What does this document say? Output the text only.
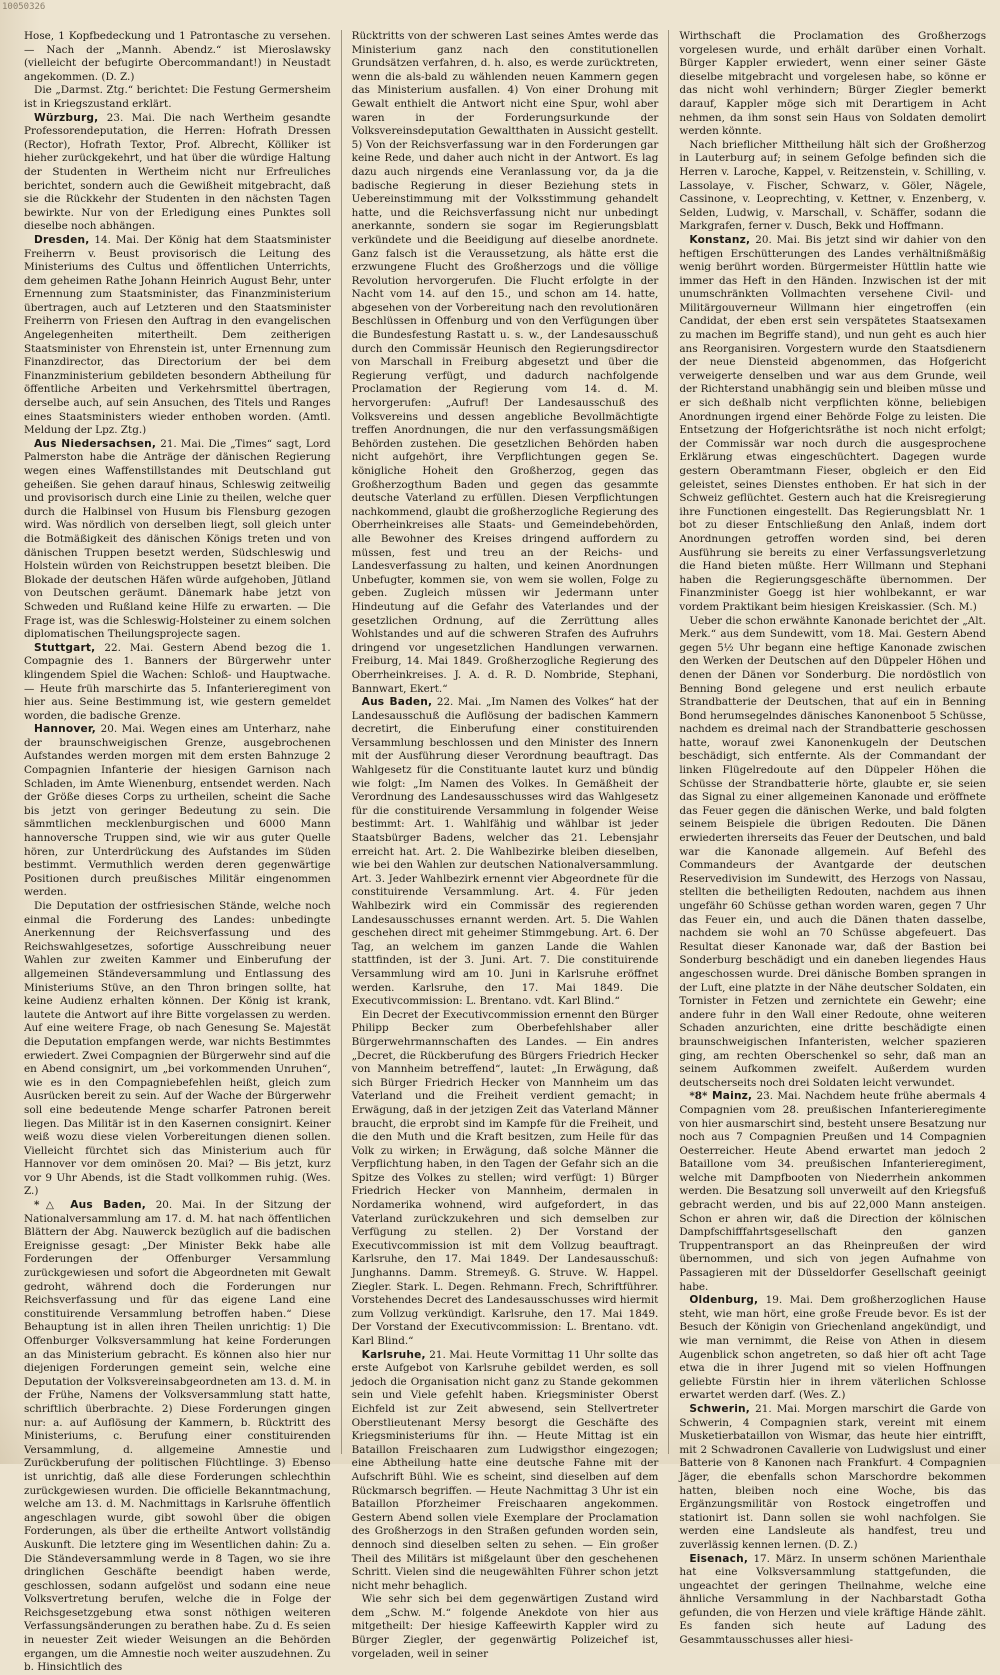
10050326

Hose, 1 Kopfbedeckung und 1 Patrontasche zu versehen. — Nach der „Mannh. Abendz.“ ist Mieroslawsky (vielleicht der befugirte Obercommandant!) in Neustadt angekommen. (D. Z.)

Die „Darmst. Ztg.“ berichtet: Die Festung Germersheim ist in Kriegszustand erklärt.

Würzburg, 23. Mai. Die nach Wertheim gesandte Professorendeputation, die Herren: Hofrath Dressen (Rector), Hofrath Textor, Prof. Albrecht, Kölliker ist hieher zurückgekehrt, und hat über die würdige Haltung der Studenten in Wertheim nicht nur Erfreuliches berichtet, sondern auch die Gewißheit mitgebracht, daß sie die Rückkehr der Studenten in den nächsten Tagen bewirkte. Nur von der Erledigung eines Punktes soll dieselbe noch abhängen.

Dresden, 14. Mai. Der König hat dem Staatsminister Freiherrn v. Beust provisorisch die Leitung des Ministeriums des Cultus und öffentlichen Unterrichts, dem geheimen Rathe Johann Heinrich August Behr, unter Ernennung zum Staatsminister, das Finanzministerium übertragen, auch auf Letzteren und den Staatsminister Freiherrn von Friesen den Auftrag in den evangelischen Angelegenheiten mitertheilt. Dem zeitherigen Staatsminister von Ehrenstein ist, unter Ernennung zum Finanzdirector, das Directorium der bei dem Finanzministerium gebildeten besondern Abtheilung für öffentliche Arbeiten und Verkehrsmittel übertragen, derselbe auch, auf sein Ansuchen, des Titels und Ranges eines Staatsministers wieder enthoben worden. (Amtl. Meldung der Lpz. Ztg.)

Aus Niedersachsen, 21. Mai. Die „Times“ sagt, Lord Palmerston habe die Anträge der dänischen Regierung wegen eines Waffenstillstandes mit Deutschland gut geheißen. Sie gehen darauf hinaus, Schleswig zeitweilig und provisorisch durch eine Linie zu theilen, welche quer durch die Halbinsel von Husum bis Flensburg gezogen wird. Was nördlich von derselben liegt, soll gleich unter die Botmäßigkeit des dänischen Königs treten und von dänischen Truppen besetzt werden, Südschleswig und Holstein würden von Reichstruppen besetzt bleiben. Die Blokade der deutschen Häfen würde aufgehoben, Jütland von Deutschen geräumt. Dänemark habe jetzt von Schweden und Rußland keine Hilfe zu erwarten. — Die Frage ist, was die Schleswig-Holsteiner zu einem solchen diplomatischen Theilungsprojecte sagen.

Stuttgart, 22. Mai. Gestern Abend bezog die 1. Compagnie des 1. Banners der Bürgerwehr unter klingendem Spiel die Wachen: Schloß- und Hauptwache. — Heute früh marschirte das 5. Infanterieregiment von hier aus. Seine Bestimmung ist, wie gestern gemeldet worden, die badische Grenze.

Hannover, 20. Mai. Wegen eines am Unterharz, nahe der braunschweigischen Grenze, ausgebrochenen Aufstandes werden morgen mit dem ersten Bahnzuge 2 Compagnien Infanterie der hiesigen Garnison nach Schladen, im Amte Wienenburg, entsendet werden. Nach der Größe dieses Corps zu urtheilen, scheint die Sache bis jetzt von geringer Bedeutung zu sein. Die sämmtlichen mecklenburgischen und 6000 Mann hannoversche Truppen sind, wie wir aus guter Quelle hören, zur Unterdrückung des Aufstandes im Süden bestimmt. Vermuthlich werden deren gegenwärtige Positionen durch preußisches Militär eingenommen werden.

Die Deputation der ostfriesischen Stände, welche noch einmal die Forderung des Landes: unbedingte Anerkennung der Reichsverfassung und des Reichswahlgesetzes, sofortige Ausschreibung neuer Wahlen zur zweiten Kammer und Einberufung der allgemeinen Ständeversammlung und Entlassung des Ministeriums Stüve, an den Thron bringen sollte, hat keine Audienz erhalten können. Der König ist krank, lautete die Antwort auf ihre Bitte vorgelassen zu werden. Auf eine weitere Frage, ob nach Genesung Se. Majestät die Deputation empfangen werde, war nichts Bestimmtes erwiedert. Zwei Compagnien der Bürgerwehr sind auf die en Abend consignirt, um „bei vorkommenden Unruhen“, wie es in den Compagniebefehlen heißt, gleich zum Ausrücken bereit zu sein. Auf der Wache der Bürgerwehr soll eine bedeutende Menge scharfer Patronen bereit liegen. Das Militär ist in den Kasernen consignirt. Keiner weiß wozu diese vielen Vorbereitungen dienen sollen. Vielleicht fürchtet sich das Ministerium auch für Hannover vor dem ominösen 20. Mai? — Bis jetzt, kurz vor 9 Uhr Abends, ist die Stadt vollkommen ruhig. (Wes. Z.)

*△ Aus Baden, 20. Mai. In der Sitzung der Nationalversammlung am 17. d. M. hat nach öffentlichen Blättern der Abg. Nauwerck bezüglich auf die badischen Ereignisse gesagt: „Der Minister Bekk habe alle Forderungen der Offenburger Versammlung zurückgewiesen und sofort die Abgeordneten mit Gewalt gedroht, während doch die Forderungen nur Reichsverfassung und für das eigene Land eine constituirende Versammlung betroffen haben.“ Diese Behauptung ist in allen ihren Theilen unrichtig: 1) Die Offenburger Volksversammlung hat keine Forderungen an das Ministerium gebracht. Es können also hier nur diejenigen Forderungen gemeint sein, welche eine Deputation der Volksvereinsabgeordneten am 13. d. M. in der Frühe, Namens der Volksversammlung statt hatte, schriftlich überbrachte. 2) Diese Forderungen gingen nur: a. auf Auflösung der Kammern, b. Rücktritt des Ministeriums, c. Berufung einer constituirenden Versammlung, d. allgemeine Amnestie und Zurückberufung der politischen Flüchtlinge. 3) Ebenso ist unrichtig, daß alle diese Forderungen schlechthin zurückgewiesen wurden. Die officielle Bekanntmachung, welche am 13. d. M. Nachmittags in Karlsruhe öffentlich angeschlagen wurde, gibt sowohl über die obigen Forderungen, als über die ertheilte Antwort vollständig Auskunft. Die letztere ging im Wesentlichen dahin: Zu a. Die Ständeversammlung werde in 8 Tagen, wo sie ihre dringlichen Geschäfte beendigt haben werde, geschlossen, sodann aufgelöst und sodann eine neue Volksvertretung berufen, welche die in Folge der Reichsgesetzgebung etwa sonst nöthigen weiteren Verfassungsänderungen zu berathen habe. Zu d. Es seien in neuester Zeit wieder Weisungen an die Behörden ergangen, um die Amnestie noch weiter auszudehnen. Zu b. Hinsichtlich des

Rücktritts von der schweren Last seines Amtes werde das Ministerium ganz nach den constitutionellen Grundsätzen verfahren, d. h. also, es werde zurücktreten, wenn die als-bald zu wählenden neuen Kammern gegen das Ministerium ausfallen. 4) Von einer Drohung mit Gewalt enthielt die Antwort nicht eine Spur, wohl aber waren in der Forderungsurkunde der Volksvereinsdeputation Gewaltthaten in Aussicht gestellt. 5) Von der Reichsverfassung war in den Forderungen gar keine Rede, und daher auch nicht in der Antwort. Es lag dazu auch nirgends eine Veranlassung vor, da ja die badische Regierung in dieser Beziehung stets in Uebereinstimmung mit der Volksstimmung gehandelt hatte, und die Reichsverfassung nicht nur unbedingt anerkannte, sondern sie sogar im Regierungsblatt verkündete und die Beeidigung auf dieselbe anordnete. Ganz falsch ist die Veraussetzung, als hätte erst die erzwungene Flucht des Großherzogs und die völlige Revolution hervorgerufen. Die Flucht erfolgte in der Nacht vom 14. auf den 15., und schon am 14. hatte, abgesehen von der Vorbereitung nach den revolutionären Beschlüssen in Offenburg und von den Verfügungen über die Bundesfestung Rastatt u. s. w., der Landesausschuß durch den Commissär Heunisch den Regierungsdirector von Marschall in Freiburg abgesetzt und über die Regierung verfügt, und dadurch nachfolgende Proclamation der Regierung vom 14. d. M. hervorgerufen: „Aufruf! Der Landesausschuß des Volksvereins und dessen angebliche Bevollmächtigte treffen Anordnungen, die nur den verfassungsmäßigen Behörden zustehen. Die gesetzlichen Behörden haben nicht aufgehört, ihre Verpflichtungen gegen Se. königliche Hoheit den Großherzog, gegen das Großherzogthum Baden und gegen das gesammte deutsche Vaterland zu erfüllen. Diesen Verpflichtungen nachkommend, glaubt die großherzogliche Regierung des Oberrheinkreises alle Staats- und Gemeindebehörden, alle Bewohner des Kreises dringend auffordern zu müssen, fest und treu an der Reichs- und Landesverfassung zu halten, und keinen Anordnungen Unbefugter, kommen sie, von wem sie wollen, Folge zu geben. Zugleich müssen wir Jedermann unter Hindeutung auf die Gefahr des Vaterlandes und der gesetzlichen Ordnung, auf die Zerrüttung alles Wohlstandes und auf die schweren Strafen des Aufruhrs dringend vor ungesetzlichen Handlungen verwarnen. Freiburg, 14. Mai 1849. Großherzogliche Regierung des Oberrheinkreises. J. A. d. R. D. Nombride, Stephani, Bannwart, Ekert.“

Aus Baden, 22. Mai. „Im Namen des Volkes“ hat der Landesausschuß die Auflösung der badischen Kammern decretirt, die Einberufung einer constituirenden Versammlung beschlossen und den Minister des Innern mit der Ausführung dieser Verordnung beauftragt. Das Wahlgesetz für die Constituante lautet kurz und bündig wie folgt: „Im Namen des Volkes. In Gemäßheit der Verordnung des Landesausschusses wird das Wahlgesetz für die constituirende Versammlung in folgender Weise bestimmt: Art. 1. Wahlfähig und wählbar ist jeder Staatsbürger Badens, welcher das 21. Lebensjahr erreicht hat. Art. 2. Die Wahlbezirke bleiben dieselben, wie bei den Wahlen zur deutschen Nationalversammlung. Art. 3. Jeder Wahlbezirk ernennt vier Abgeordnete für die constituirende Versammlung. Art. 4. Für jeden Wahlbezirk wird ein Commissär des regierenden Landesausschusses ernannt werden. Art. 5. Die Wahlen geschehen direct mit geheimer Stimmgebung. Art. 6. Der Tag, an welchem im ganzen Lande die Wahlen stattfinden, ist der 3. Juni. Art. 7. Die constituirende Versammlung wird am 10. Juni in Karlsruhe eröffnet werden. Karlsruhe, den 17. Mai 1849. Die Executivcommission: L. Brentano. vdt. Karl Blind.“

Ein Decret der Executivcommission ernennt den Bürger Philipp Becker zum Oberbefehlshaber aller Bürgerwehrmannschaften des Landes. — Ein andres „Decret, die Rückberufung des Bürgers Friedrich Hecker von Mannheim betreffend“, lautet: „In Erwägung, daß sich Bürger Friedrich Hecker von Mannheim um das Vaterland und die Freiheit verdient gemacht; in Erwägung, daß in der jetzigen Zeit das Vaterland Männer braucht, die erprobt sind im Kampfe für die Freiheit, und die den Muth und die Kraft besitzen, zum Heile für das Volk zu wirken; in Erwägung, daß solche Männer die Verpflichtung haben, in den Tagen der Gefahr sich an die Spitze des Volkes zu stellen; wird verfügt: 1) Bürger Friedrich Hecker von Mannheim, dermalen in Nordamerika wohnend, wird aufgefordert, in das Vaterland zurückzukehren und sich demselben zur Verfügung zu stellen. 2) Der Vorstand der Executivcommission ist mit dem Vollzug beauftragt. Karlsruhe, den 17. Mai 1849. Der Landesausschuß: Junghanns. Damm. Stremeyß. G. Struve. W. Happel. Ziegler. Stark. L. Degen. Rehmann. Frech, Schriftführer. Vorstehendes Decret des Landesausschusses wird hiermit zum Vollzug verkündigt. Karlsruhe, den 17. Mai 1849. Der Vorstand der Executivcommission: L. Brentano. vdt. Karl Blind.“

Karlsruhe, 21. Mai. Heute Vormittag 11 Uhr sollte das erste Aufgebot von Karlsruhe gebildet werden, es soll jedoch die Organisation nicht ganz zu Stande gekommen sein und Viele gefehlt haben. Kriegsminister Oberst Eichfeld ist zur Zeit abwesend, sein Stellvertreter Oberstlieutenant Mersy besorgt die Geschäfte des Kriegsministeriums für ihn. — Heute Mittag ist ein Bataillon Freischaaren zum Ludwigsthor eingezogen; eine Abtheilung hatte eine deutsche Fahne mit der Aufschrift Bühl. Wie es scheint, sind dieselben auf dem Rückmarsch begriffen. — Heute Nachmittag 3 Uhr ist ein Bataillon Pforzheimer Freischaaren angekommen. Gestern Abend sollen viele Exemplare der Proclamation des Großherzogs in den Straßen gefunden worden sein, dennoch sind dieselben selten zu sehen. — Ein großer Theil des Militärs ist mißgelaunt über den geschehenen Schritt. Vielen sind die neugewählten Führer schon jetzt nicht mehr behaglich.

Wie sehr sich bei dem gegenwärtigen Zustand wird dem „Schw. M.“ folgende Anekdote von hier aus mitgetheilt: Der hiesige Kaffeewirth Kappler wird zu Bürger Ziegler, der gegenwärtig Polizeichef ist, vorgeladen, weil in seiner

Wirthschaft die Proclamation des Großherzogs vorgelesen wurde, und erhält darüber einen Vorhalt. Bürger Kappler erwiedert, wenn einer seiner Gäste dieselbe mitgebracht und vorgelesen habe, so könne er das nicht wohl verhindern; Bürger Ziegler bemerkt darauf, Kappler möge sich mit Derartigem in Acht nehmen, da ihm sonst sein Haus von Soldaten demolirt werden könnte.

Nach brieflicher Mittheilung hält sich der Großherzog in Lauterburg auf; in seinem Gefolge befinden sich die Herren v. Laroche, Kappel, v. Reitzenstein, v. Schilling, v. Lassolaye, v. Fischer, Schwarz, v. Göler, Nägele, Cassinone, v. Leoprechting, v. Kettner, v. Enzenberg, v. Selden, Ludwig, v. Marschall, v. Schäffer, sodann die Markgrafen, ferner v. Dusch, Bekk und Hoffmann.

Konstanz, 20. Mai. Bis jetzt sind wir dahier von den heftigen Erschütterungen des Landes verhältnißmäßig wenig berührt worden. Bürgermeister Hüttlin hatte wie immer das Heft in den Händen. Inzwischen ist der mit unumschränkten Vollmachten versehene Civil- und Militärgouverneur Willmann hier eingetroffen (ein Candidat, der eben erst sein verspätetes Staatsexamen zu machen im Begriffe stand), und nun geht es auch hier ans Reorganisiren. Vorgestern wurde den Staatsdienern der neue Diensteid abgenommen, das Hofgericht verweigerte denselben und war aus dem Grunde, weil der Richterstand unabhängig sein und bleiben müsse und er sich deßhalb nicht verpflichten könne, beliebigen Anordnungen irgend einer Behörde Folge zu leisten. Die Entsetzung der Hofgerichtsräthe ist noch nicht erfolgt; der Commissär war noch durch die ausgesprochene Erklärung etwas eingeschüchtert. Dagegen wurde gestern Oberamtmann Fieser, obgleich er den Eid geleistet, seines Dienstes enthoben. Er hat sich in der Schweiz geflüchtet. Gestern auch hat die Kreisregierung ihre Functionen eingestellt. Das Regierungsblatt Nr. 1 bot zu dieser Entschließung den Anlaß, indem dort Anordnungen getroffen worden sind, bei deren Ausführung sie bereits zu einer Verfassungsverletzung die Hand bieten müßte. Herr Willmann und Stephani haben die Regierungsgeschäfte übernommen. Der Finanzminister Goegg ist hier wohlbekannt, er war vordem Praktikant beim hiesigen Kreiskassier. (Sch. M.)

Ueber die schon erwähnte Kanonade berichtet der „Alt. Merk.“ aus dem Sundewitt, vom 18. Mai. Gestern Abend gegen 5½ Uhr begann eine heftige Kanonade zwischen den Werken der Deutschen auf den Düppeler Höhen und denen der Dänen vor Sonderburg. Die nordöstlich von Benning Bond gelegene und erst neulich erbaute Strandbatterie der Deutschen, that auf ein in Benning Bond herumsegelndes dänisches Kanonenboot 5 Schüsse, nachdem es dreimal nach der Strandbatterie geschossen hatte, worauf zwei Kanonenkugeln der Deutschen beschädigt, sich entfernte. Als der Commandant der linken Flügelredoute auf den Düppeler Höhen die Schüsse der Strandbatterie hörte, glaubte er, sie seien das Signal zu einer allgemeinen Kanonade und eröffnete das Feuer gegen die dänischen Werke, und bald folgten seinem Beispiele die übrigen Redouten. Die Dänen erwiederten ihrerseits das Feuer der Deutschen, und bald war die Kanonade allgemein. Auf Befehl des Commandeurs der Avantgarde der deutschen Reservedivision im Sundewitt, des Herzogs von Nassau, stellten die betheiligten Redouten, nachdem aus ihnen ungefähr 60 Schüsse gethan worden waren, gegen 7 Uhr das Feuer ein, und auch die Dänen thaten dasselbe, nachdem sie wohl an 70 Schüsse abgefeuert. Das Resultat dieser Kanonade war, daß der Bastion bei Sonderburg beschädigt und ein daneben liegendes Haus angeschossen wurde. Drei dänische Bomben sprangen in der Luft, eine platzte in der Nähe deutscher Soldaten, ein Tornister in Fetzen und zernichtete ein Gewehr; eine andere fuhr in den Wall einer Redoute, ohne weiteren Schaden anzurichten, eine dritte beschädigte einen braunschweigischen Infanteristen, welcher spazieren ging, am rechten Oberschenkel so sehr, daß man an seinem Aufkommen zweifelt. Außerdem wurden deutscherseits noch drei Soldaten leicht verwundet.

*8* Mainz, 23. Mai. Nachdem heute frühe abermals 4 Compagnien vom 28. preußischen Infanterieregimente von hier ausmarschirt sind, besteht unsere Besatzung nur noch aus 7 Compagnien Preußen und 14 Compagnien Oesterreicher. Heute Abend erwartet man jedoch 2 Bataillone vom 34. preußischen Infanterieregiment, welche mit Dampfbooten von Niederrhein ankommen werden. Die Besatzung soll unverweilt auf den Kriegsfuß gebracht werden, und bis auf 22,000 Mann ansteigen. Schon er ahren wir, daß die Direction der kölnischen Dampfschifffahrtsgesellschaft den ganzen Truppentransport an das Rheinpreußen der wird übernommen, und sich von jegen Aufnahme von Passagieren mit der Düsseldorfer Gesellschaft geeinigt habe.

Oldenburg, 19. Mai. Dem großherzoglichen Hause steht, wie man hört, eine große Freude bevor. Es ist der Besuch der Königin von Griechenland angekündigt, und wie man vernimmt, die Reise von Athen in diesem Augenblick schon angetreten, so daß hier oft acht Tage etwa die in ihrer Jugend mit so vielen Hoffnungen geliebte Fürstin hier in ihrem väterlichen Schlosse erwartet werden darf. (Wes. Z.)

Schwerin, 21. Mai. Morgen marschirt die Garde von Schwerin, 4 Compagnien stark, vereint mit einem Musketierbataillon von Wismar, das heute hier eintrifft, mit 2 Schwadronen Cavallerie von Ludwigslust und einer Batterie von 8 Kanonen nach Frankfurt. 4 Compagnien Jäger, die ebenfalls schon Marschordre bekommen hatten, bleiben noch eine Woche, bis das Ergänzungsmilitär von Rostock eingetroffen und stationirt ist. Dann sollen sie wohl nachfolgen. Sie werden eine Landsleute als handfest, treu und zuverlässig kennen lernen. (D. Z.)

Eisenach, 17. März. In unserm schönen Marienthale hat eine Volksversammlung stattgefunden, die ungeachtet der geringen Theilnahme, welche eine ähnliche Versammlung in der Nachbarstadt Gotha gefunden, die von Herzen und viele kräftige Hände zählt. Es fanden sich heute auf Ladung des Gesammtausschusses aller hiesi-
